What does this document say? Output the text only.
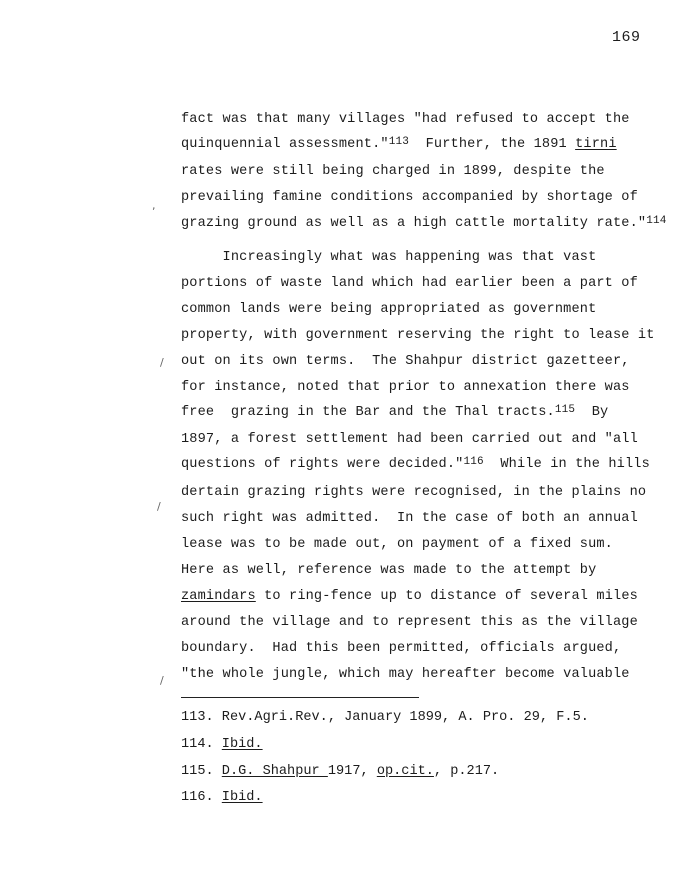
169
,
/
/
/
fact was that many villages "had refused to accept the
quinquennial assessment."$^{113}$  Further, the 1891 tirni
rates were still being charged in 1899, despite the
prevailing famine conditions accompanied by shortage of
grazing ground as well as a high cattle mortality rate."$^{114}$
Increasingly what was happening was that vast
portions of waste land which had earlier been a part of
common lands were being appropriated as government
property, with government reserving the right to lease it
out on its own terms.  The Shahpur district gazetteer,
for instance, noted that prior to annexation there was
free  grazing in the Bar and the Thal tracts.$^{115}$  By
1897, a forest settlement had been carried out and "all
questions of rights were decided."$^{116}$  While in the hills
dertain grazing rights were recognised, in the plains no
such right was admitted.  In the case of both an annual
lease was to be made out, on payment of a fixed sum.
Here as well, reference was made to the attempt by
zamindars to ring-fence up to distance of several miles
around the village and to represent this as the village
boundary.  Had this been permitted, officials argued,
"the whole jungle, which may hereafter become valuable
113. Rev.Agri.Rev., January 1899, A. Pro. 29, F.5.
114. Ibid.
115. D.G. Shahpur 1917, op.cit., p.217.
116. Ibid.
